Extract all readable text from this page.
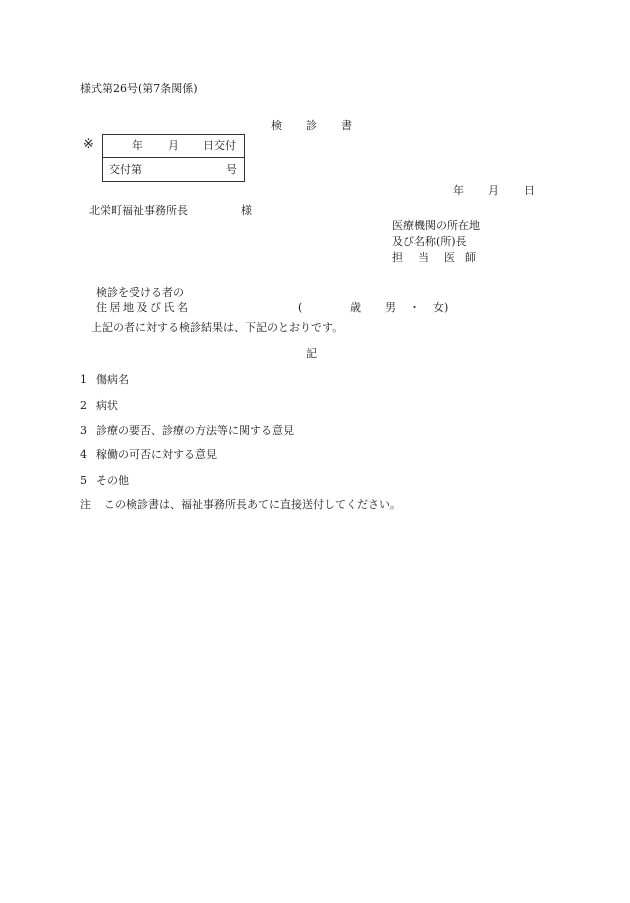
様式第26号(第7条関係)
検 診 書
※	年 月 日交付
交付第	号
年 月 日
北栄町福祉事務所長	様
医療機関の所在地
及び名称(所)長
担 当 医 師
検診を受ける者の
住居地及び氏名	(	歳 男 ・ 女)
上記の者に対する検診結果は、下記のとおりです。
記
1 傷病名
2 病状
3 診療の要否、診療の方法等に関する意見
4 稼働の可否に対する意見
5 その他
注 この検診書は、福祉事務所長あてに直接送付してください。
